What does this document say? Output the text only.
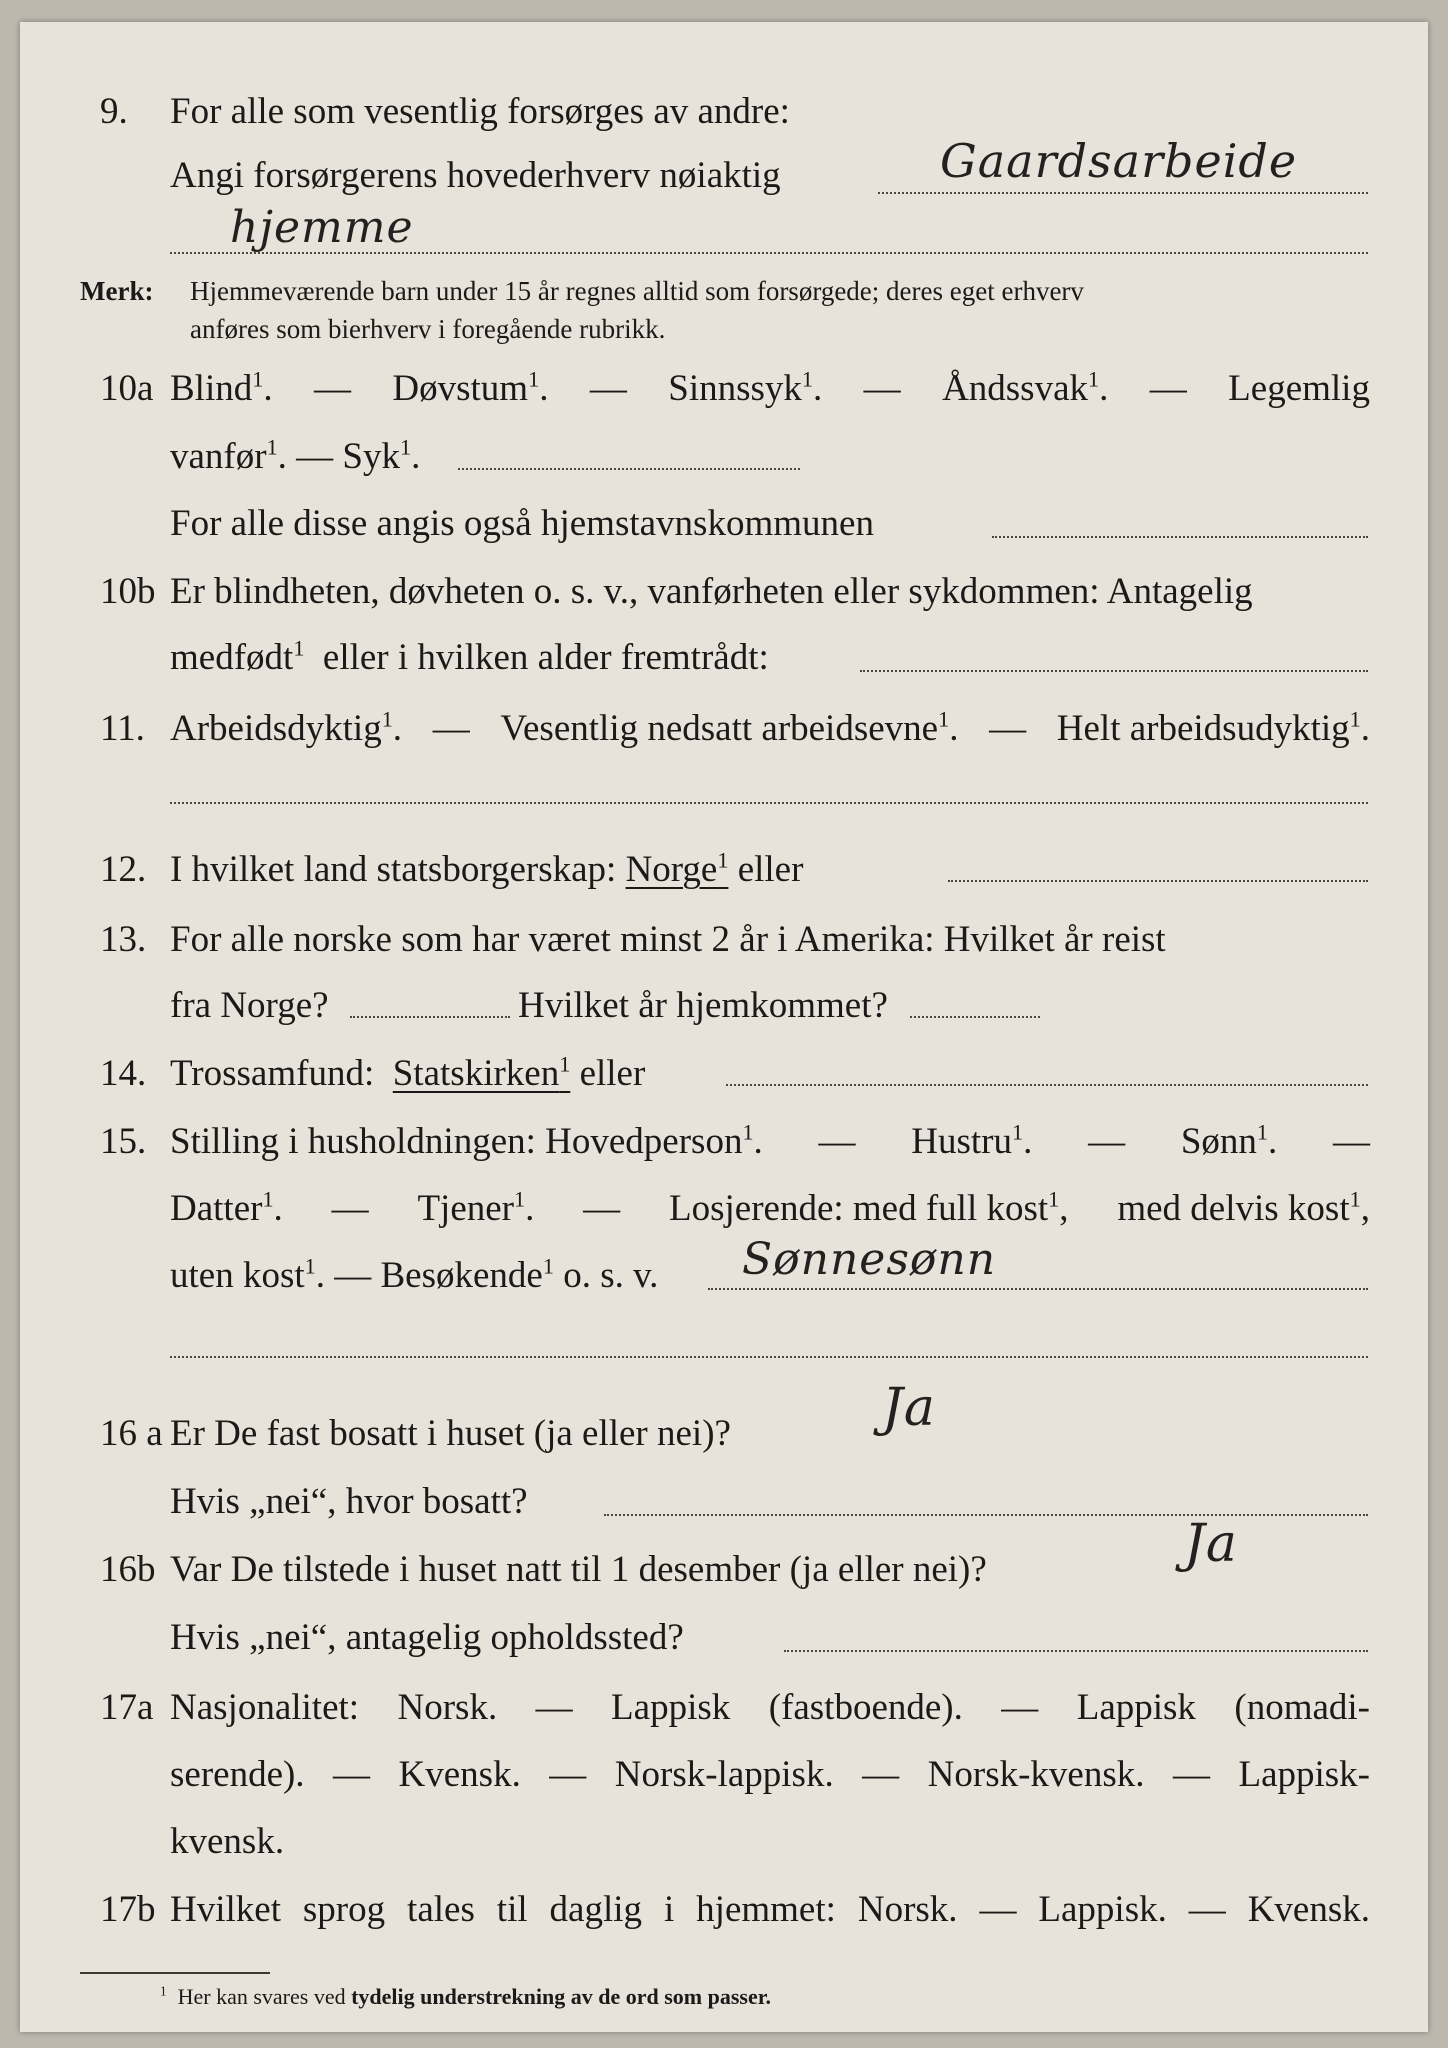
9. For alle som vesentlig forsørges av andre:
Angi forsørgerens hovederhverv nøiaktig	Gaardsarbeide
hjemme
Merk: Hjemmeværende barn under 15 år regnes alltid som forsørgede; deres eget erhverv
anføres som bierhverv i foregående rubrikk.
10a Blind$^1$. — Døvstum$^1$. — Sinnssyk$^1$. — Åndssvak$^1$. — Legemlig
vanfør$^1$. — Syk$^1$.
For alle disse angis også hjemstavnskommunen
10b Er blindheten, døvheten o. s. v., vanførheten eller sykdommen: Antagelig
medfødt$^1$ eller i hvilken alder fremtrådt:
11. Arbeidsdyktig$^1$. — Vesentlig nedsatt arbeidsevne$^1$. — Helt arbeidsudyktig$^1$.
12. I hvilket land statsborgerskap: Norge$^1$ eller
13. For alle norske som har været minst 2 år i Amerika: Hvilket år reist
fra Norge?	Hvilket år hjemkommet?
14. Trossamfund: Statskirken$^1$ eller
15. Stilling i husholdningen: Hovedperson$^1$. — Hustru$^1$. — Sønn$^1$. —
Datter$^1$. — Tjener$^1$. — Losjerende: med full kost$^1$, med delvis kost$^1$,
uten kost$^1$. — Besøkende$^1$ o. s. v. Sønnesønn
16 a Er De fast bosatt i huset (ja eller nei)?	Ja
Hvis „nei“, hvor bosatt?
16b Var De tilstede i huset natt til 1 desember (ja eller nei)?	Ja
Hvis „nei“, antagelig opholdssted?
17a Nasjonalitet: Norsk. — Lappisk (fastboende). — Lappisk (nomadi-
serende). — Kvensk. — Norsk-lappisk. — Norsk-kvensk. — Lappisk-
kvensk.
17b Hvilket sprog tales til daglig i hjemmet: Norsk. — Lappisk. — Kvensk.
$^1$ Her kan svares ved tydelig understrekning av de ord som passer.
